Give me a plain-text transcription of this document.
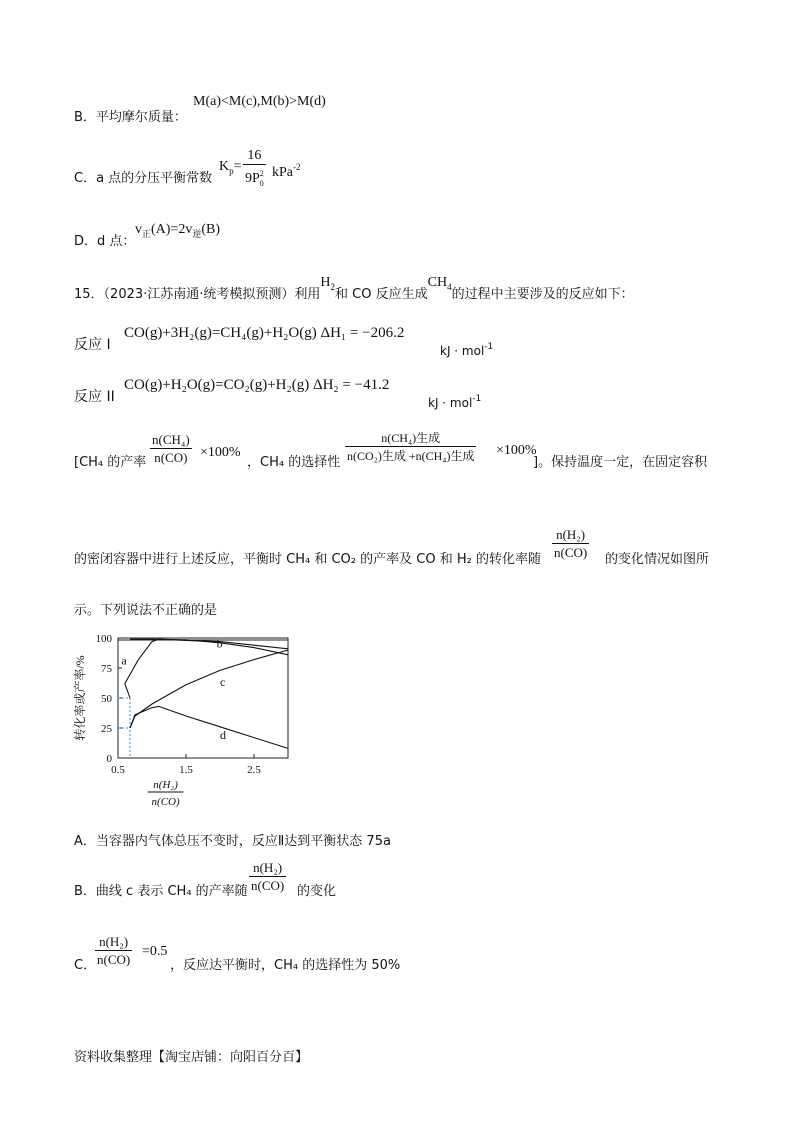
M(a)<M(c),M(b)>M(d)
B．平均摩尔质量：
C．a 点的分压平衡常数
$K_p= \frac{16}{9P^2_0} kPa^{-2}$
D．d 点：
$v_正(A)=2v_逆(B)$
15．（2023·江苏南通·统考模拟预测）利用$H_2$和 CO 反应生成$CH_4$的过程中主要涉及的反应如下：
反应 I
CO(g)+3H₂(g)=CH₄(g)+H₂O(g) ΔH₁ = −206.2
kJ · mol$^{-1}$
反应 II
CO(g)+H₂O(g)=CO₂(g)+H₂(g) ΔH₂ = −41.2
kJ · mol$^{-1}$
[CH₄ 的产率 $\frac{\text{n(CH₄)}}{n(CO)} \times 100\%$
，CH₄ 的选择性
n(CH₄)生成
n(CO₂)生成 +n(CH₄)生成 ×100%
]。保持温度一定，在固定容积
的密闭容器中进行上述反应，平衡时 CH₄ 和 CO₂ 的产率及 CO 和 H₂ 的转化率随 $\frac{\text{n(H₂)}}{n(CO)}$ 的变化情况如图所
示。下列说法不正确的是
0
25
50
75
100
0.5	1.5	2.5
a
b
c
d
转化率或产率/%
n(H₂)
n(CO)
A．当容器内气体总压不变时，反应Ⅱ达到平衡状态 75a
B．曲线 c 表示 CH₄ 的产率随 $\frac{\text{n(H₂)}}{n(CO)}$ 的变化
C．
$\frac{\text{n(H₂)}}{n(CO)} =0.5$
，反应达平衡时，CH₄ 的选择性为 50%
资料收集整理【淘宝店铺：向阳百分百】
